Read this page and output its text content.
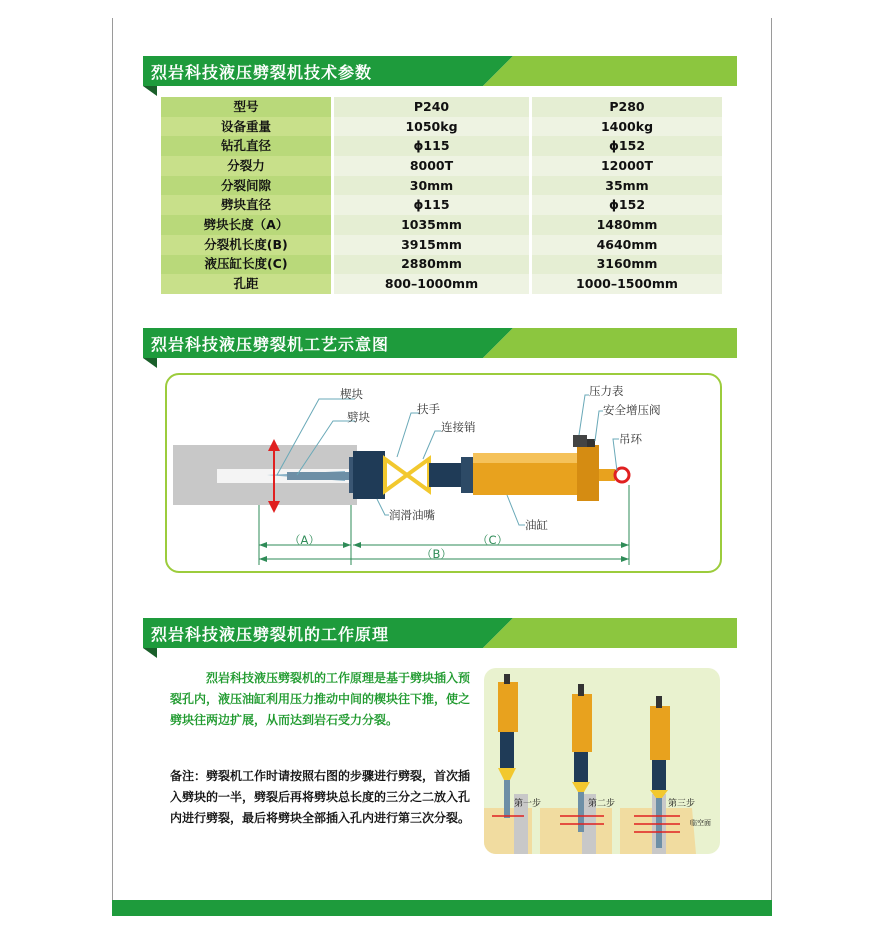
烈岩科技液压劈裂机技术参数
型号	P240	P280
设备重量	1050kg	1400kg
钻孔直径	ϕ115	ϕ152
分裂力	8000T	12000T
分裂间隙	30mm	35mm
劈块直径	ϕ115	ϕ152
劈块长度（A）	1035mm	1480mm
分裂机长度(B)	3915mm	4640mm
液压缸长度(C)	2880mm	3160mm
孔距	800–1000mm	1000–1500mm
烈岩科技液压劈裂机工艺示意图
楔块
劈块
扶手
连接销
压力表
安全增压阀
吊环
润滑油嘴
油缸
（A）	（C）
（B）
烈岩科技液压劈裂机的工作原理
烈岩科技液压劈裂机的工作原理是基于劈块插入预裂孔内，液压油缸利用压力推动中间的楔块往下推，使之劈块往两边扩展，从而达到岩石受力分裂。
备注：劈裂机工作时请按照右图的步骤进行劈裂，首次插入劈块的一半，劈裂后再将劈块总长度的三分之二放入孔内进行劈裂，最后将劈块全部插入孔内进行第三次分裂。
第一步	第二步	第三步
临空面
